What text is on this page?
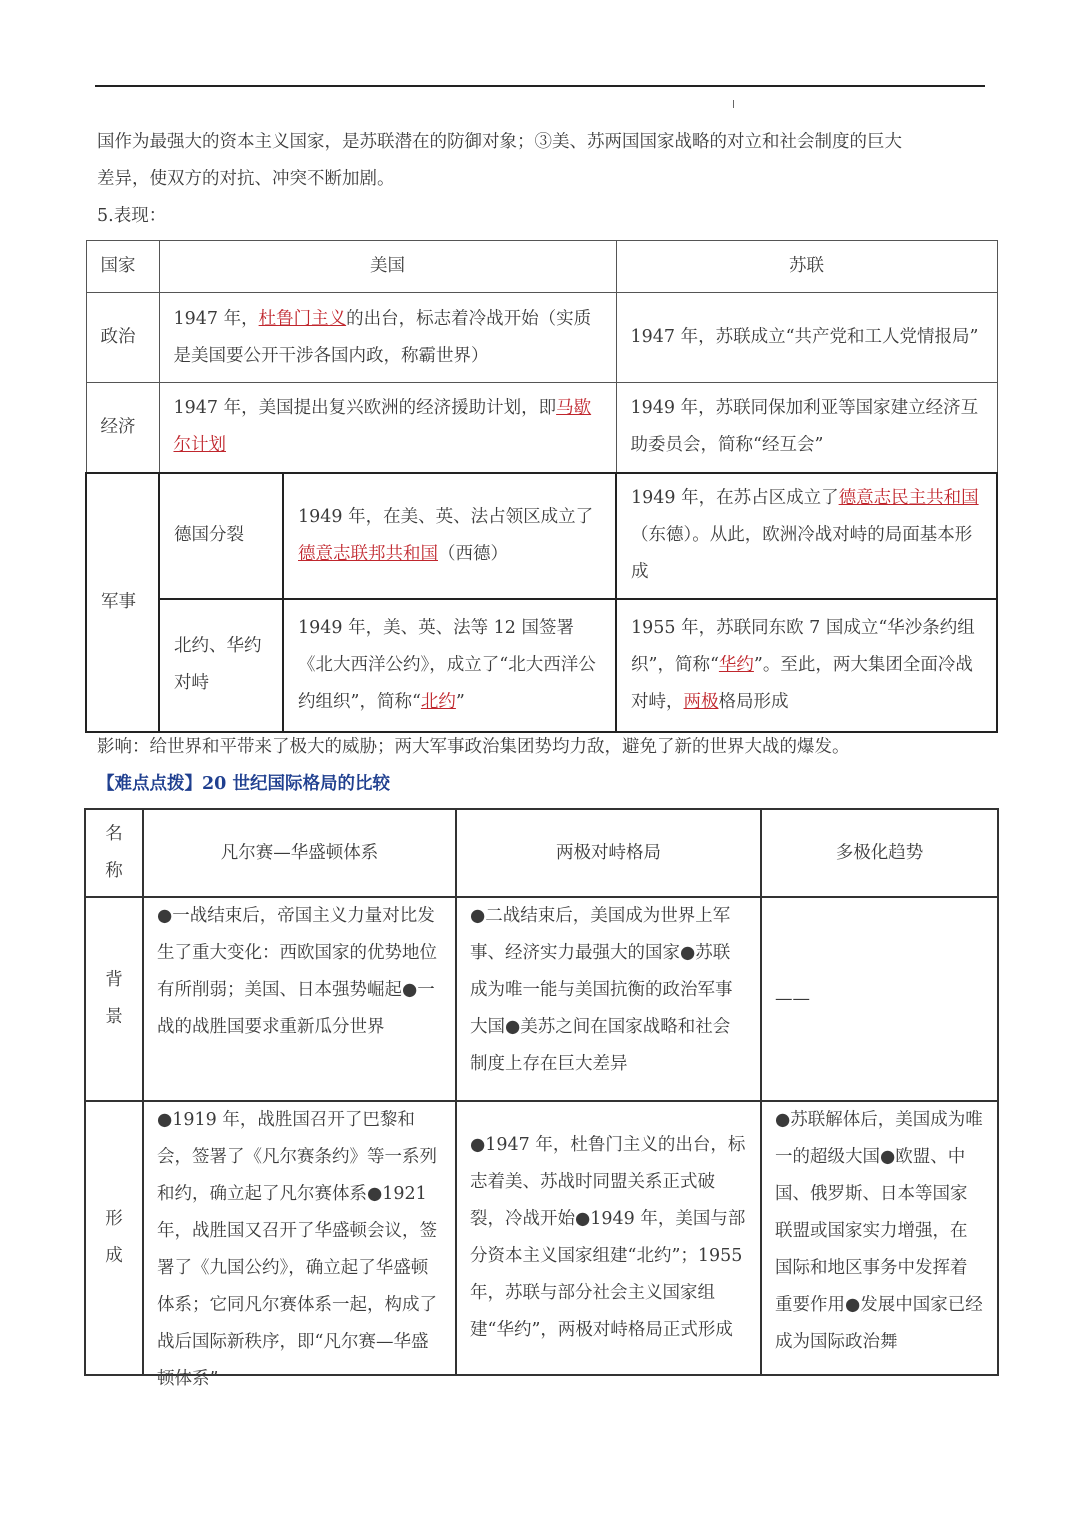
国作为最强大的资本主义国家，是苏联潜在的防御对象；③美、苏两国国家战略的对立和社会制度的巨大

差异，使双方的对抗、冲突不断加剧。

5.表现：

国家	美国		苏联
政治	1947 年，杜鲁门主义的出台，标志着冷战开始（实质是美国要公开干涉各国内政，称霸世界）		1947 年，苏联成立“共产党和工人党情报局”
经济	1947 年，美国提出复兴欧洲的经济援助计划，即马歇尔计划		1949 年，苏联同保加利亚等国家建立经济互助委员会，简称“经互会”
军事	德国分裂	1949 年，在美、英、法占领区成立了德意志联邦共和国（西德）	1949 年，在苏占区成立了德意志民主共和国（东德）。从此，欧洲冷战对峙的局面基本形成
	北约、华约对峙	1949 年，美、英、法等 12 国签署《北大西洋公约》，成立了“北大西洋公约组织”，简称“北约”	1955 年，苏联同东欧 7 国成立“华沙条约组织”，简称“华约”。至此，两大集团全面冷战对峙，两极格局形成
影响：给世界和平带来了极大的威胁；两大军事政治集团势均力敌，避免了新的世界大战的爆发。
【难点点拨】20 世纪国际格局的比较
名
称	凡尔赛—华盛顿体系	两极对峙格局	多极化趋势

背
景	●一战结束后，帝国主义力量对比发生了重大变化：西欧国家的优势地位有所削弱；美国、日本强势崛起●一战的战胜国要求重新瓜分世界	●二战结束后，美国成为世界上军事、经济实力最强大的国家●苏联成为唯一能与美国抗衡的政治军事大国●美苏之间在国家战略和社会制度上存在巨大差异	——

形
成	●1919 年，战胜国召开了巴黎和会，签署了《凡尔赛条约》等一系列和约，确立起了凡尔赛体系●1921 年，战胜国又召开了华盛顿会议，签署了《九国公约》，确立起了华盛顿体系；它同凡尔赛体系一起，构成了战后国际新秩序，即“凡尔赛—华盛顿体系”	●1947 年，杜鲁门主义的出台，标志着美、苏战时同盟关系正式破裂，冷战开始●1949 年，美国与部分资本主义国家组建“北约”；1955 年，苏联与部分社会主义国家组建“华约”，两极对峙格局正式形成	●苏联解体后，美国成为唯一的超级大国●欧盟、中国、俄罗斯、日本等国家联盟或国家实力增强，在国际和地区事务中发挥着重要作用●发展中国家已经成为国际政治舞
